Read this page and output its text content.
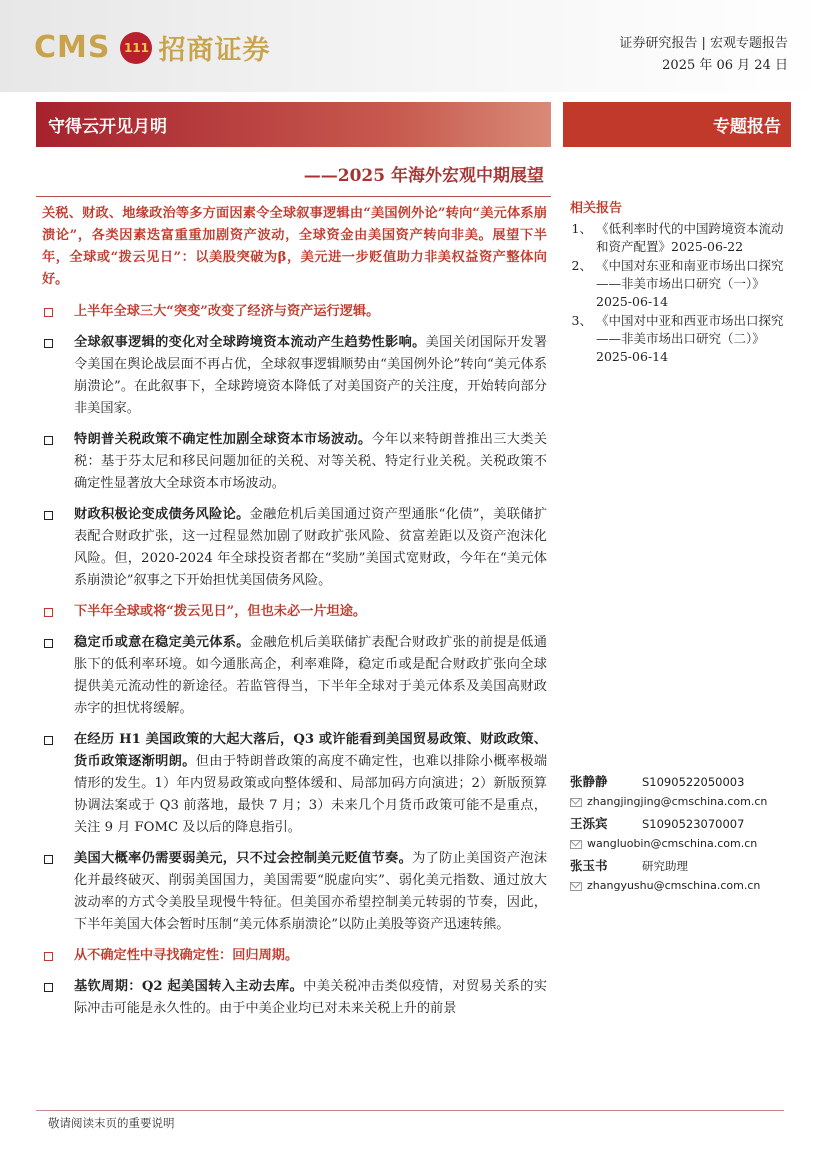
CMS 111 招商证券	证券研究报告 | 宏观专题报告
2025 年 06 月 24 日
守得云开见月明	专题报告
——2025 年海外宏观中期展望

关税、财政、地缘政治等多方面因素令全球叙事逻辑由“美国例外论”转向“美元体系崩溃论”，各类因素迭富重重加剧资产波动，全球资金由美国资产转向非美。展望下半年，全球或“拨云见日”：以美股突破为β，美元进一步贬值助力非美权益资产整体向好。

上半年全球三大“突变”改变了经济与资产运行逻辑。
全球叙事逻辑的变化对全球跨境资本流动产生趋势性影响。美国关闭国际开发署令美国在舆论战层面不再占优，全球叙事逻辑顺势由“美国例外论”转向“美元体系崩溃论”。在此叙事下，全球跨境资本降低了对美国资产的关注度，开始转向部分非美国家。
特朗普关税政策不确定性加剧全球资本市场波动。今年以来特朗普推出三大类关税：基于芬太尼和移民问题加征的关税、对等关税、特定行业关税。关税政策不确定性显著放大全球资本市场波动。
财政积极论变成债务风险论。金融危机后美国通过资产型通胀“化债”，美联储扩表配合财政扩张，这一过程显然加剧了财政扩张风险、贫富差距以及资产泡沫化风险。但，2020-2024 年全球投资者都在“奖励”美国式宽财政，今年在“美元体系崩溃论”叙事之下开始担忧美国债务风险。
下半年全球或将“拨云见日”，但也未必一片坦途。
稳定币或意在稳定美元体系。金融危机后美联储扩表配合财政扩张的前提是低通胀下的低利率环境。如今通胀高企，利率难降，稳定币或是配合财政扩张向全球提供美元流动性的新途径。若监管得当，下半年全球对于美元体系及美国高财政赤字的担忧将缓解。
在经历 H1 美国政策的大起大落后，Q3 或许能看到美国贸易政策、财政政策、货币政策逐渐明朗。但由于特朗普政策的高度不确定性，也难以排除小概率极端情形的发生。1）年内贸易政策或向整体缓和、局部加码方向演进；2）新版预算协调法案或于 Q3 前落地，最快 7 月；3）未来几个月货币政策可能不是重点，关注 9 月 FOMC 及以后的降息指引。
美国大概率仍需要弱美元，只不过会控制美元贬值节奏。为了防止美国资产泡沫化并最终破灭、削弱美国国力，美国需要“脱虚向实”、弱化美元指数、通过放大波动率的方式令美股呈现慢牛特征。但美国亦希望控制美元转弱的节奏，因此，下半年美国大体会暂时压制“美元体系崩溃论”以防止美股等资产迅速转熊。
从不确定性中寻找确定性：回归周期。
基钦周期：Q2 起美国转入主动去库。中美关税冲击类似疫情，对贸易关系的实际冲击可能是永久性的。由于中美企业均已对未来关税上升的前景
相关报告
1、 《低利率时代的中国跨境资本流动和资产配置》2025-06-22
2、 《中国对东亚和南亚市场出口探究——非美市场出口研究（一）》2025-06-14
3、 《中国对中亚和西亚市场出口探究——非美市场出口研究（二）》2025-06-14
张静静	S1090522050003
zhangjingjing@cmschina.com.cn
王泺宾	S1090523070007
wangluobin@cmschina.com.cn
张玉书	研究助理
zhangyushu@cmschina.com.cn
敬请阅读末页的重要说明
